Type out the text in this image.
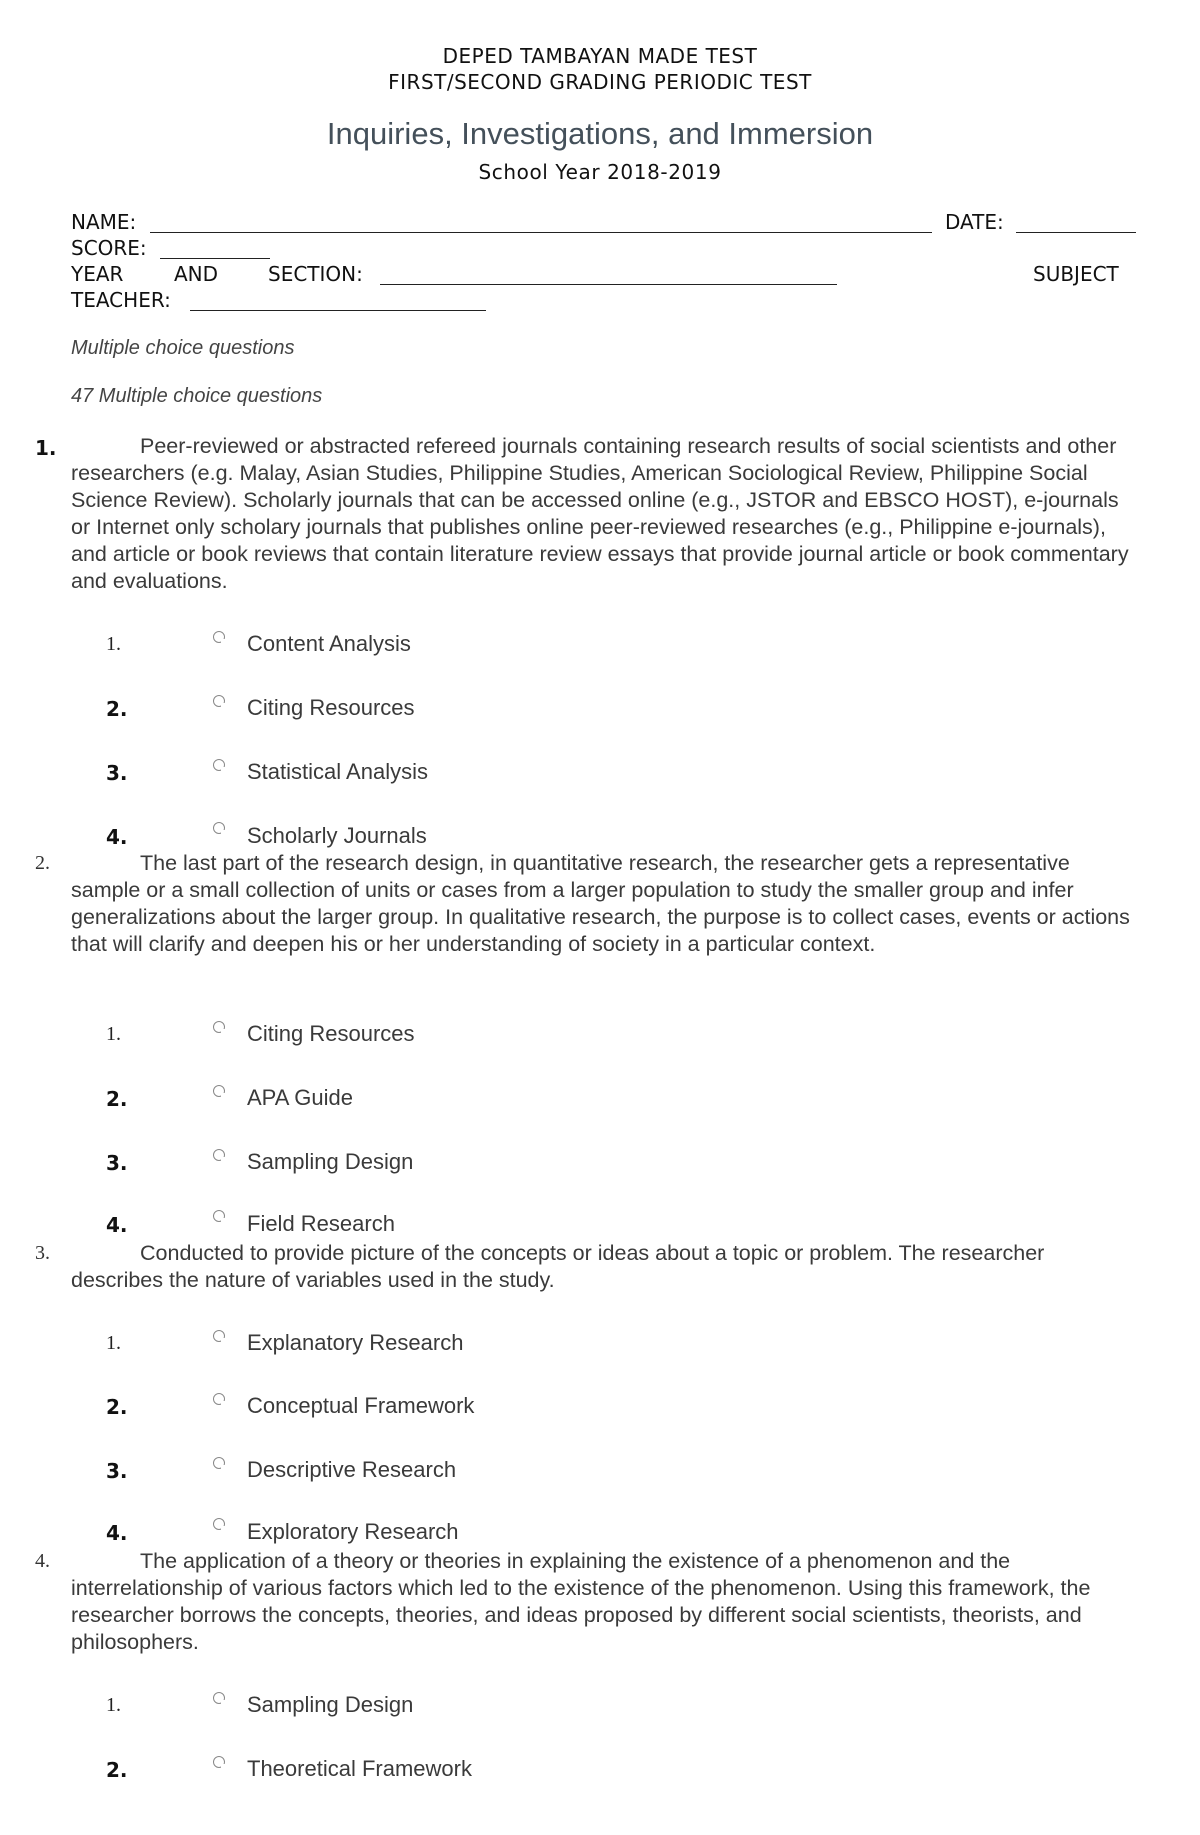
DEPED TAMBAYAN MADE TEST
FIRST/SECOND GRADING PERIODIC TEST
Inquiries, Investigations, and Immersion
School Year 2018-2019
NAME:	DATE:
SCORE:
YEAR	AND SECTION:	SUBJECT
TEACHER:
Multiple choice questions
47 Multiple choice questions
1.	Peer-reviewed or abstracted refereed journals containing research results of social scientists and other researchers (e.g. Malay, Asian Studies, Philippine Studies, American Sociological Review, Philippine Social Science Review). Scholarly journals that can be accessed online (e.g., JSTOR and EBSCO HOST), e-journals or Internet only scholary journals that publishes online peer-reviewed researches (e.g., Philippine e-journals), and article or book reviews that contain literature review essays that provide journal article or book commentary and evaluations.
1.	Content Analysis
2.	Citing Resources
3.	Statistical Analysis
4.	Scholarly Journals
2.	The last part of the research design, in quantitative research, the researcher gets a representative sample or a small collection of units or cases from a larger population to study the smaller group and infer generalizations about the larger group. In qualitative research, the purpose is to collect cases, events or actions that will clarify and deepen his or her understanding of society in a particular context.
1.	Citing Resources
2.	APA Guide
3.	Sampling Design
4.	Field Research
3.	Conducted to provide picture of the concepts or ideas about a topic or problem. The researcher describes the nature of variables used in the study.
1.	Explanatory Research
2.	Conceptual Framework
3.	Descriptive Research
4.	Exploratory Research
4.	The application of a theory or theories in explaining the existence of a phenomenon and the interrelationship of various factors which led to the existence of the phenomenon. Using this framework, the researcher borrows the concepts, theories, and ideas proposed by different social scientists, theorists, and philosophers.
1.	Sampling Design
2.	Theoretical Framework
